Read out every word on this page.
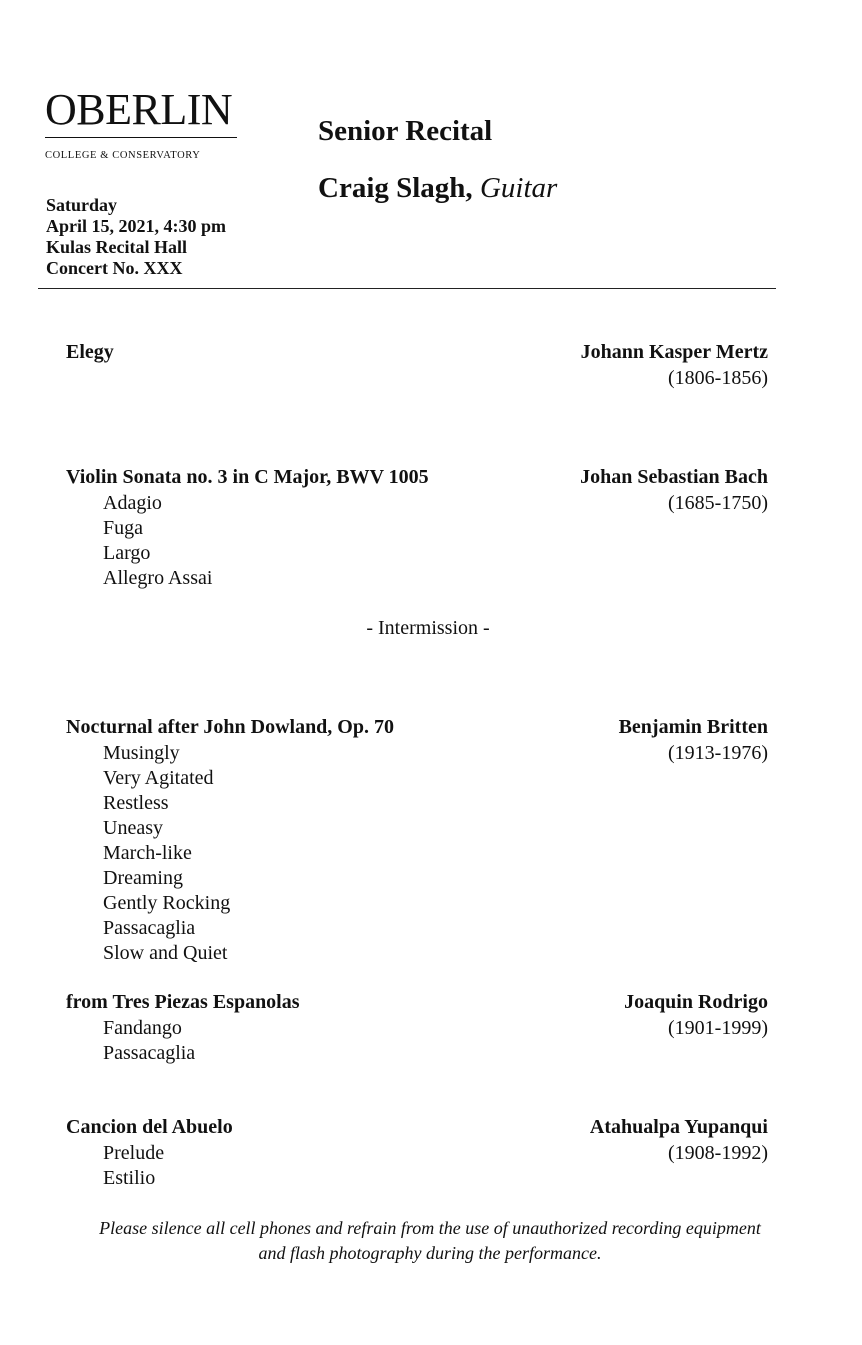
OBERLIN
COLLEGE & CONSERVATORY
Saturday
April 15, 2021, 4:30 pm
Kulas Recital Hall
Concert No. XXX
Senior Recital
Craig Slagh, Guitar
Elegy	Johann Kasper Mertz
(1806-1856)
Violin Sonata no. 3 in C Major, BWV 1005	Johan Sebastian Bach
(1685-1750)
Adagio
Fuga
Largo
Allegro Assai
- Intermission -
Nocturnal after John Dowland, Op. 70	Benjamin Britten
(1913-1976)
Musingly
Very Agitated
Restless
Uneasy
March-like
Dreaming
Gently Rocking
Passacaglia
Slow and Quiet
from Tres Piezas Espanolas	Joaquin Rodrigo
(1901-1999)
Fandango
Passacaglia
Cancion del Abuelo	Atahualpa Yupanqui
(1908-1992)
Prelude
Estilio
Please silence all cell phones and refrain from the use of unauthorized recording equipment
and flash photography during the performance.
